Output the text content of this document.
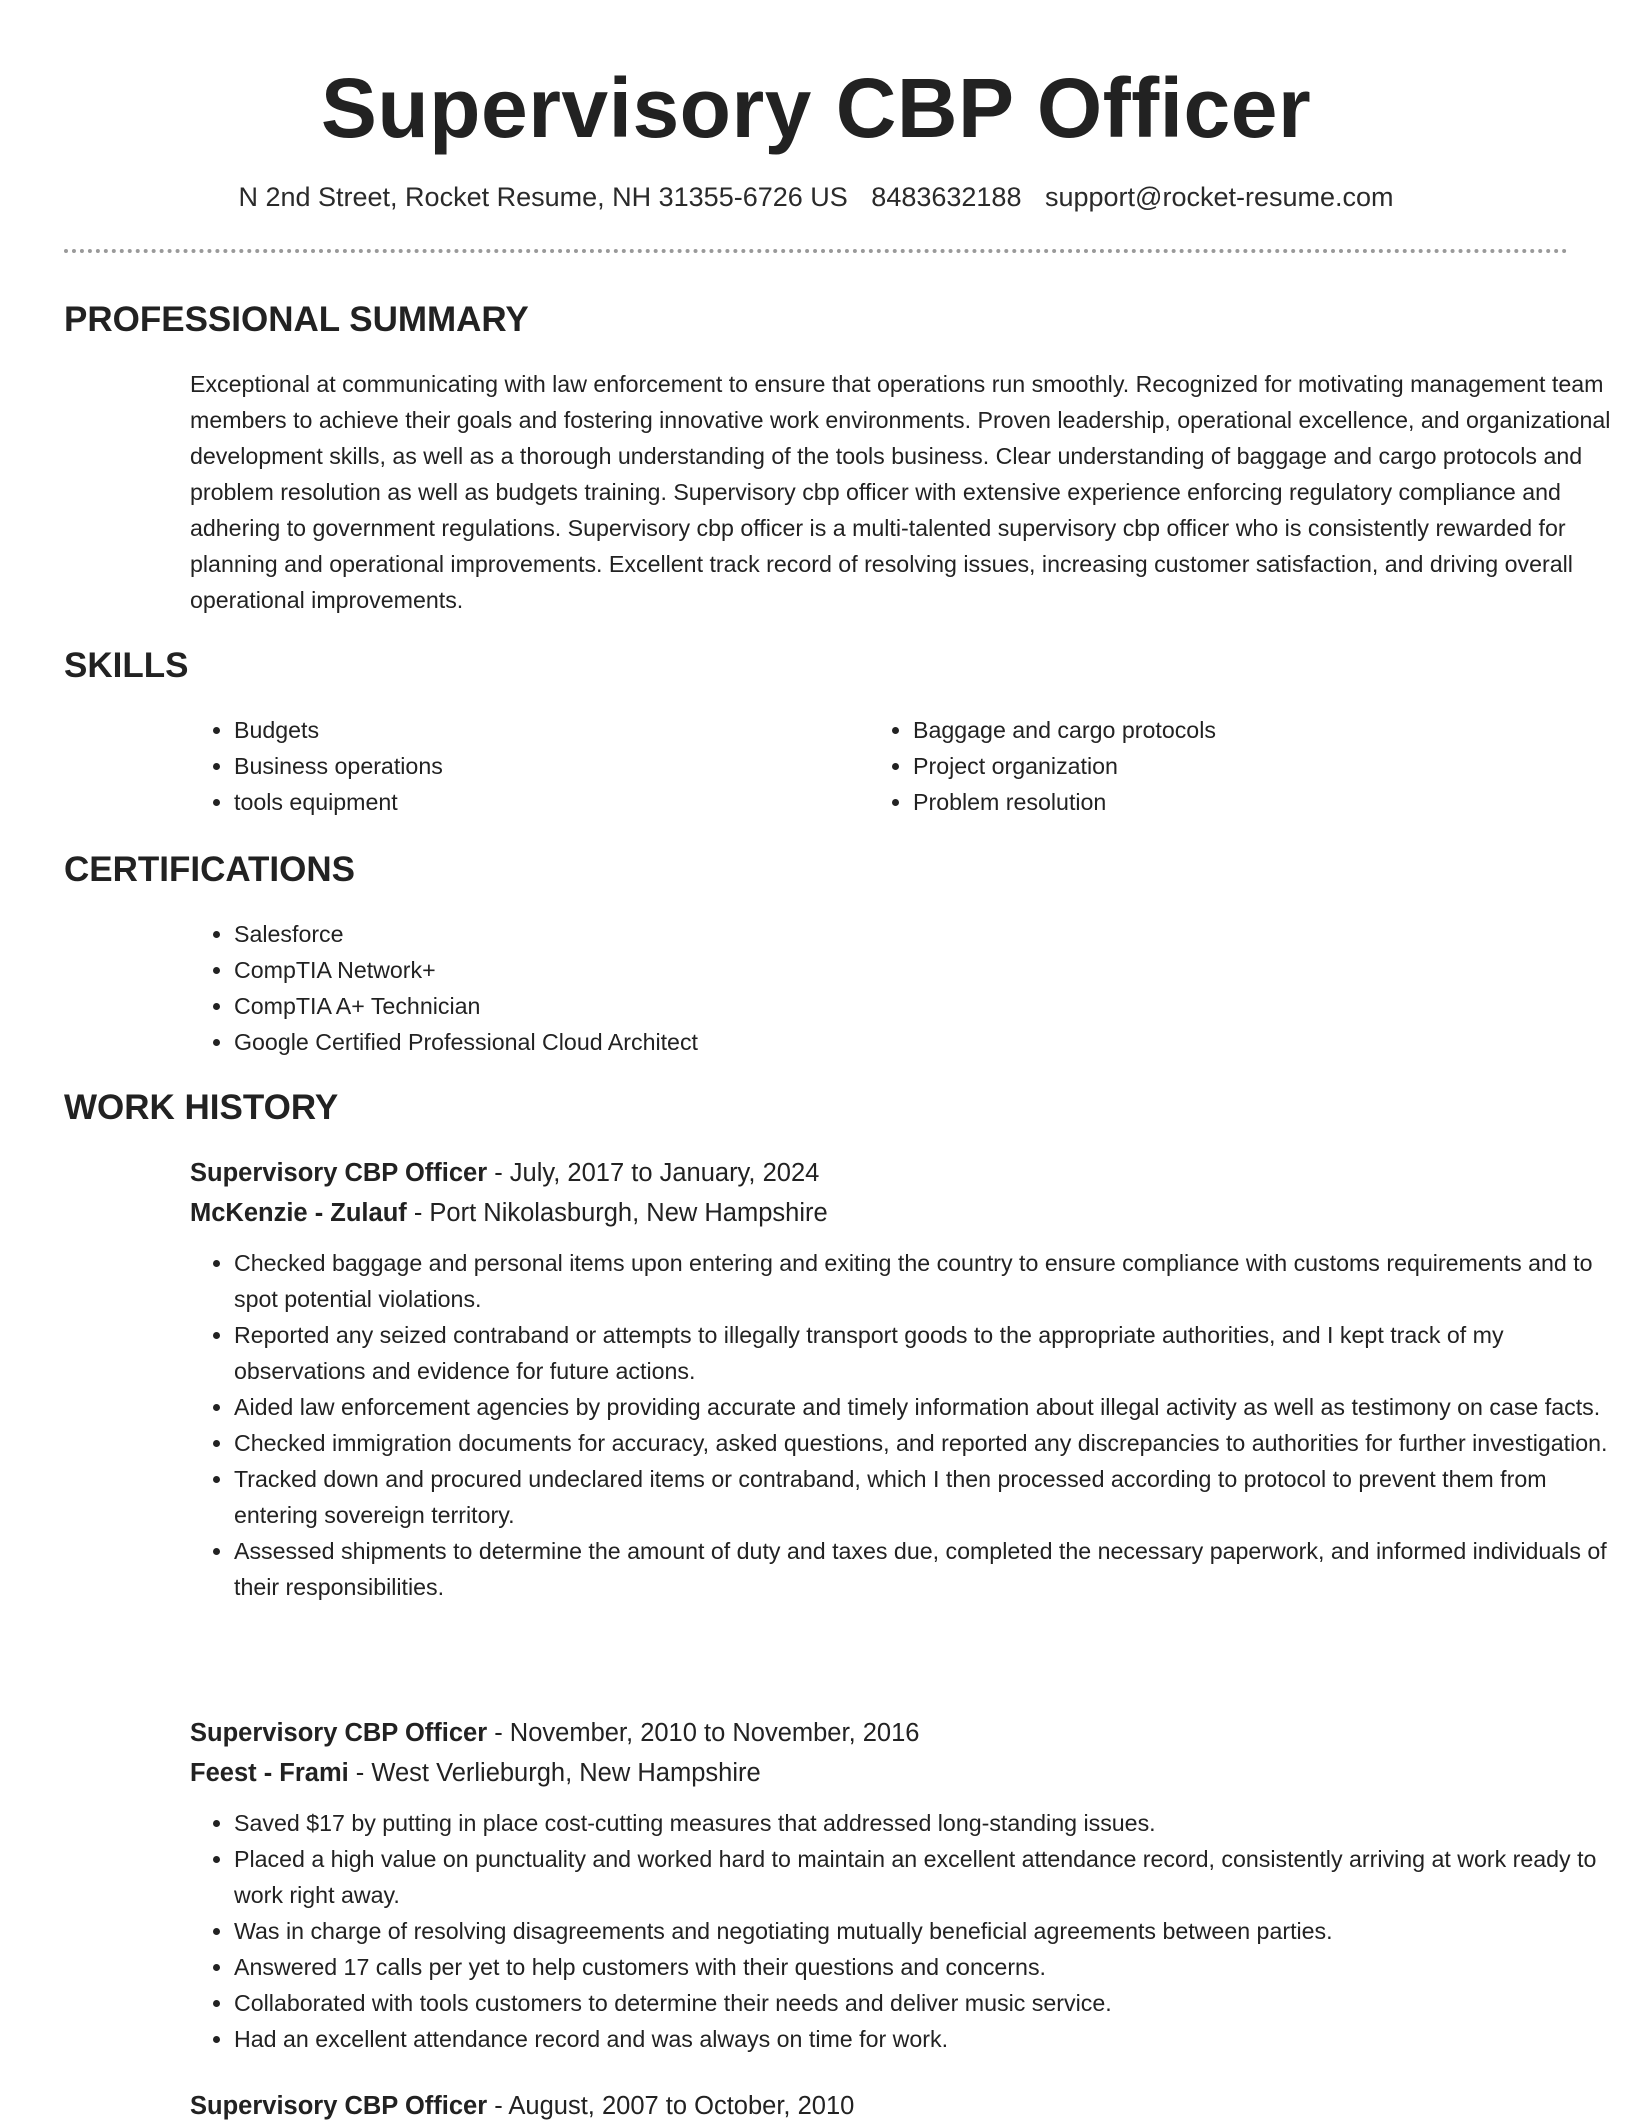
Supervisory CBP Officer
N 2nd Street, Rocket Resume, NH 31355-6726 US 8483632188 support@rocket-resume.com
PROFESSIONAL SUMMARY

Exceptional at communicating with law enforcement to ensure that operations run smoothly. Recognized for motivating management team members to achieve their goals and fostering innovative work environments. Proven leadership, operational excellence, and organizational development skills, as well as a thorough understanding of the tools business. Clear understanding of baggage and cargo protocols and problem resolution as well as budgets training. Supervisory cbp officer with extensive experience enforcing regulatory compliance and adhering to government regulations. Supervisory cbp officer is a multi-talented supervisory cbp officer who is consistently rewarded for planning and operational improvements. Excellent track record of resolving issues, increasing customer satisfaction, and driving overall operational improvements.

SKILLS
• Budgets
• Business operations
• tools equipment
• Baggage and cargo protocols
• Project organization
• Problem resolution
CERTIFICATIONS
• Salesforce
• CompTIA Network+
• CompTIA A+ Technician
• Google Certified Professional Cloud Architect
WORK HISTORY
Supervisory CBP Officer - July, 2017 to January, 2024
McKenzie - Zulauf - Port Nikolasburgh, New Hampshire
• Checked baggage and personal items upon entering and exiting the country to ensure compliance with customs requirements and to spot potential violations.
• Reported any seized contraband or attempts to illegally transport goods to the appropriate authorities, and I kept track of my observations and evidence for future actions.
• Aided law enforcement agencies by providing accurate and timely information about illegal activity as well as testimony on case facts.
• Checked immigration documents for accuracy, asked questions, and reported any discrepancies to authorities for further investigation.
• Tracked down and procured undeclared items or contraband, which I then processed according to protocol to prevent them from entering sovereign territory.
• Assessed shipments to determine the amount of duty and taxes due, completed the necessary paperwork, and informed individuals of their responsibilities.
Supervisory CBP Officer - November, 2010 to November, 2016
Feest - Frami - West Verlieburgh, New Hampshire
• Saved $17 by putting in place cost-cutting measures that addressed long-standing issues.
• Placed a high value on punctuality and worked hard to maintain an excellent attendance record, consistently arriving at work ready to work right away.
• Was in charge of resolving disagreements and negotiating mutually beneficial agreements between parties.
• Answered 17 calls per yet to help customers with their questions and concerns.
• Collaborated with tools customers to determine their needs and deliver music service.
• Had an excellent attendance record and was always on time for work.
Supervisory CBP Officer - August, 2007 to October, 2010
